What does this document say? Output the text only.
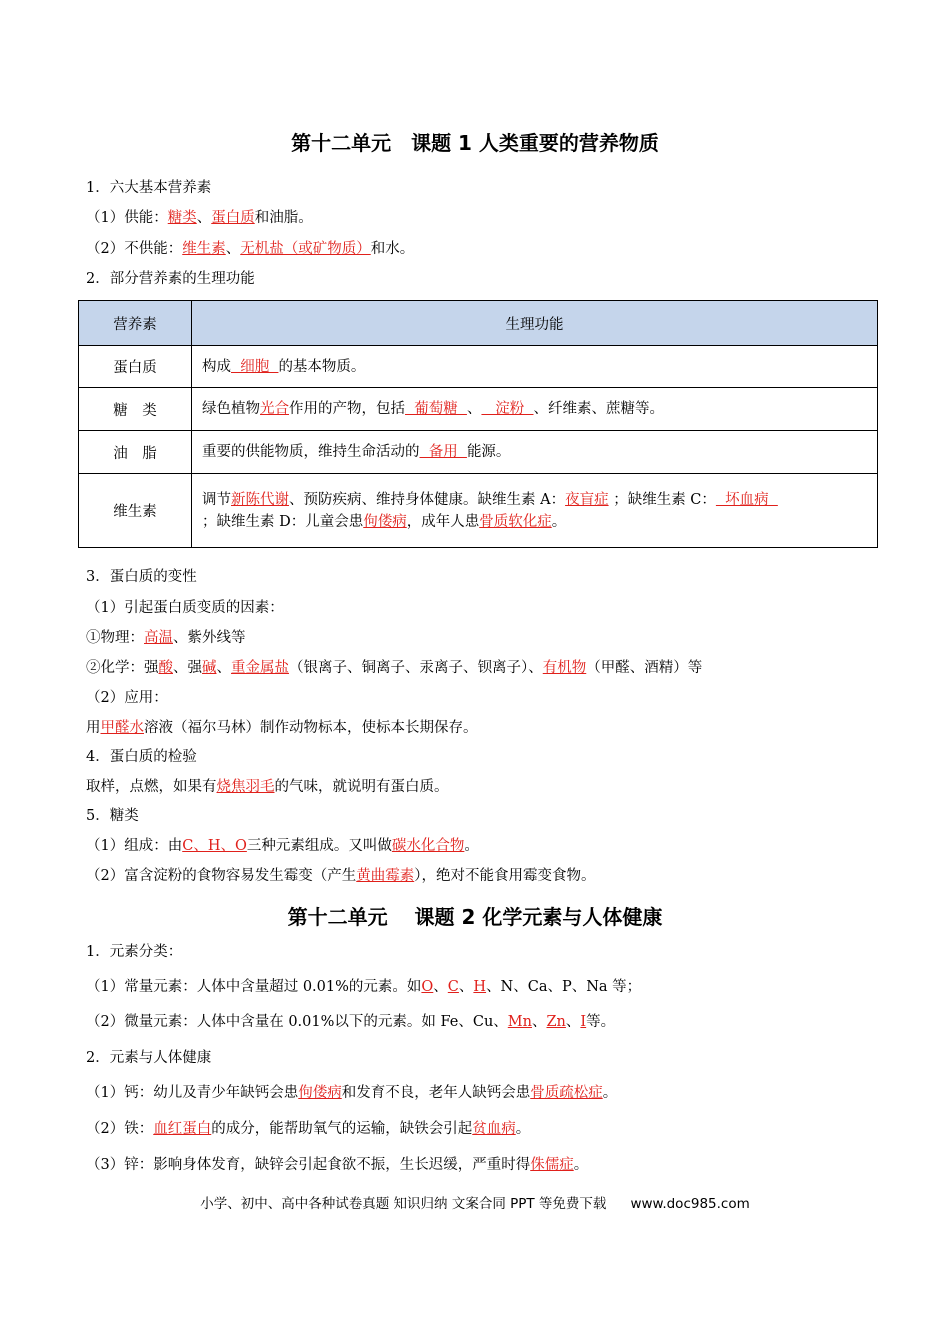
第十二单元　课题 1 人类重要的营养物质
1．六大基本营养素
（1）供能：糖类、蛋白质和油脂。
（2）不供能：维生素、无机盐（或矿物质）和水。
2．部分营养素的生理功能
营养素	生理功能
蛋白质	构成  细胞  的基本物质。
糖　类	绿色植物光合作用的产物，包括  葡萄糖  、   淀粉  、纤维素、蔗糖等。
油　脂	重要的供能物质，维持生命活动的  备用  能源。
维生素	调节新陈代谢、预防疾病、维持身体健康。缺维生素 A：夜盲症 ；缺维生素 C：  坏血病
；缺维生素 D：儿童会患佝偻病，成年人患骨质软化症。
3．蛋白质的变性
（1）引起蛋白质变质的因素：
①物理：高温、紫外线等
②化学：强酸、强碱、重金属盐（银离子、铜离子、汞离子、钡离子）、有机物（甲醛、酒精）等
（2）应用：
用甲醛水溶液（福尔马林）制作动物标本，使标本长期保存。
4．蛋白质的检验
取样，点燃，如果有烧焦羽毛的气味，就说明有蛋白质。
5．糖类
（1）组成：由C、H、O三种元素组成。又叫做碳水化合物。
（2）富含淀粉的食物容易发生霉变（产生黄曲霉素），绝对不能食用霉变食物。
第十二单元　 课题 2 化学元素与人体健康
1．元素分类：
（1）常量元素：人体中含量超过 0.01%的元素。如O、C、H、N、Ca、P、Na 等；
（2）微量元素：人体中含量在 0.01%以下的元素。如 Fe、Cu、Mn、Zn、I等。
2．元素与人体健康
（1）钙：幼儿及青少年缺钙会患佝偻病和发育不良，老年人缺钙会患骨质疏松症。
（2）铁：血红蛋白的成分，能帮助氧气的运输，缺铁会引起贫血病。
（3）锌：影响身体发育，缺锌会引起食欲不振，生长迟缓，严重时得侏儒症。
小学、初中、高中各种试卷真题 知识归纳 文案合同 PPT 等免费下载 www.doc985.com
